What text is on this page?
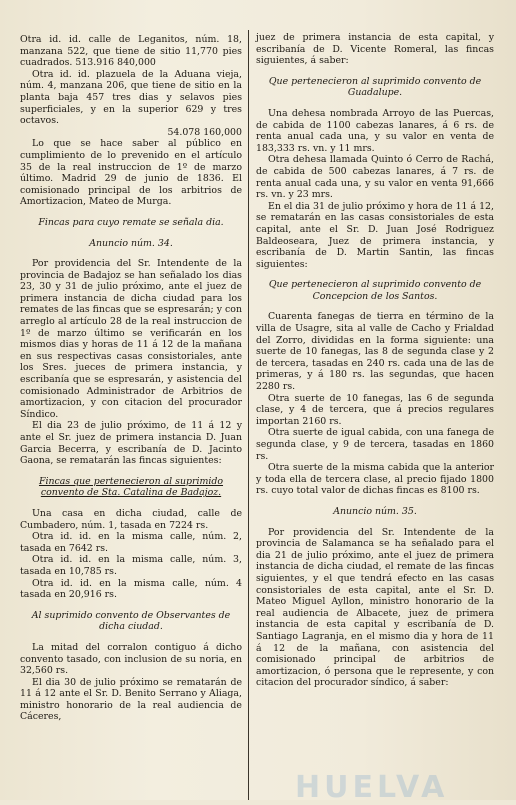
Otra id. id. calle de Leganitos, núm. 18, manzana 522, que tiene de sitio 11,770 pies cuadrados. 513.916 840,000

Otra id. id. plazuela de la Aduana vieja, núm. 4, manzana 206, que tiene de sitio en la planta baja 457 tres dias y selavos pies superficiales, y en la superior 629 y tres octavos.

54.078 160,000

Lo que se hace saber al público en cumplimiento de lo prevenido en el artículo 35 de la real instruccion de 1º de marzo último. Madrid 29 de junio de 1836. El comisionado principal de los arbitrios de Amortizacion, Mateo de Murga.

Fincas para cuyo remate se señala dia.
Anuncio núm. 34.

Por providencia del Sr. Intendente de la provincia de Badajoz se han señalado los dias 23, 30 y 31 de julio próximo, ante el juez de primera instancia de dicha ciudad para los remates de las fincas que se espresarán; y con arreglo al artículo 28 de la real instruccion de 1º de marzo último se verificarán en los mismos dias y horas de 11 á 12 de la mañana en sus respectivas casas consistoriales, ante los Sres. jueces de primera instancia, y escribanía que se espresarán, y asistencia del comisionado Administrador de Arbitrios de amortizacion, y con citacion del procurador Síndico.

El dia 23 de julio próximo, de 11 á 12 y ante el Sr. juez de primera instancia D. Juan Garcia Becerra, y escribanía de D. Jacinto Gaona, se rematarán las fincas siguientes:

Fincas que pertenecieron al suprimido convento de Sta. Catalina de Badajoz.

Una casa en dicha ciudad, calle de Cumbadero, núm. 1, tasada en 7224 rs.

Otra id. id. en la misma calle, núm. 2, tasada en 7642 rs.

Otra id. id. en la misma calle, núm. 3, tasada en 10,785 rs.

Otra id. id. en la misma calle, núm. 4 tasada en 20,916 rs.

Al suprimido convento de Observantes de dicha ciudad.

La mitad del corralon contiguo á dicho convento tasado, con inclusion de su noria, en 32,560 rs.

El dia 30 de julio próximo se rematarán de 11 á 12 ante el Sr. D. Benito Serrano y Aliaga, ministro honorario de la real audiencia de Cáceres,

juez de primera instancia de esta capital, y escribanía de D. Vicente Romeral, las fincas siguientes, á saber:

Que pertenecieron al suprimido convento de Guadalupe.

Una dehesa nombrada Arroyo de las Puercas, de cabida de 1100 cabezas lanares, á 6 rs. de renta anual cada una, y su valor en venta de 183,333 rs. vn. y 11 mrs.

Otra dehesa llamada Quinto ó Cerro de Rachá, de cabida de 500 cabezas lanares, á 7 rs. de renta anual cada una, y su valor en venta 91,666 rs. vn. y 23 mrs.

En el dia 31 de julio próximo y hora de 11 á 12, se rematarán en las casas consistoriales de esta capital, ante el Sr. D. Juan José Rodriguez Baldeoseara, Juez de primera instancia, y escribanía de D. Martin Santin, las fincas siguientes:

Que pertenecieron al suprimido convento de Concepcion de los Santos.

Cuarenta fanegas de tierra en término de la villa de Usagre, sita al valle de Cacho y Frialdad del Zorro, divididas en la forma siguiente: una suerte de 10 fanegas, las 8 de segunda clase y 2 de tercera, tasadas en 240 rs. cada una de las de primeras, y á 180 rs. las segundas, que hacen 2280 rs.

Otra suerte de 10 fanegas, las 6 de segunda clase, y 4 de tercera, que á precios regulares importan 2160 rs.

Otra suerte de igual cabida, con una fanega de segunda clase, y 9 de tercera, tasadas en 1860 rs.

Otra suerte de la misma cabida que la anterior y toda ella de tercera clase, al precio fijado 1800 rs. cuyo total valor de dichas fincas es 8100 rs.

Anuncio núm. 35.

Por providencia del Sr. Intendente de la provincia de Salamanca se ha señalado para el dia 21 de julio próximo, ante el juez de primera instancia de dicha ciudad, el remate de las fincas siguientes, y el que tendrá efecto en las casas consistoriales de esta capital, ante el Sr. D. Mateo Miguel Ayllon, ministro honorario de la real audiencia de Albacete, juez de primera instancia de esta capital y escribanía de D. Santiago Lagranja, en el mismo dia y hora de 11 á 12 de la mañana, con asistencia del comisionado principal de arbitrios de amortizacion, ó persona que le represente, y con citacion del procurador síndico, á saber:

HUELVA
